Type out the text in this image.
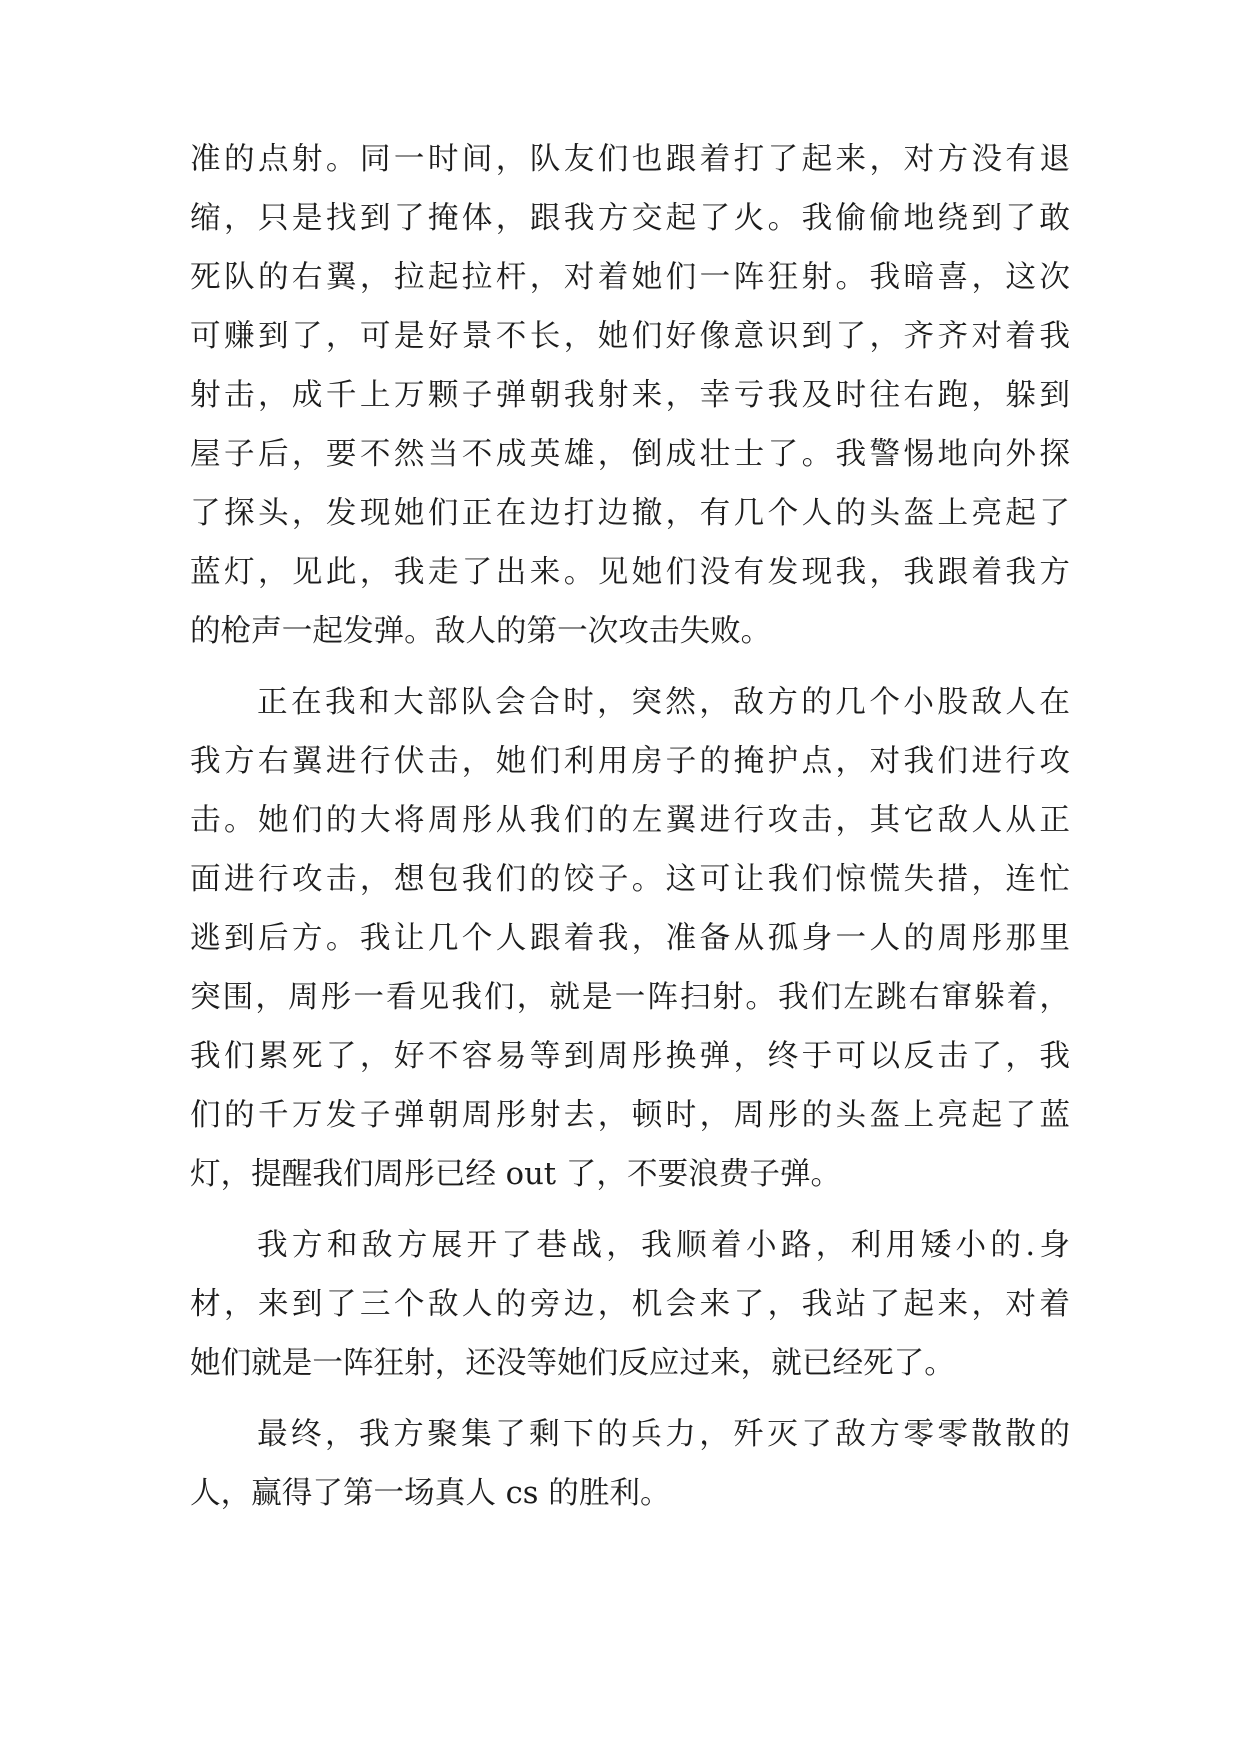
准的点射。同一时间，队友们也跟着打了起来，对方没有退
缩，只是找到了掩体，跟我方交起了火。我偷偷地绕到了敢
死队的右翼，拉起拉杆，对着她们一阵狂射。我暗喜，这次
可赚到了，可是好景不长，她们好像意识到了，齐齐对着我
射击，成千上万颗子弹朝我射来，幸亏我及时往右跑，躲到
屋子后，要不然当不成英雄，倒成壮士了。我警惕地向外探
了探头，发现她们正在边打边撤，有几个人的头盔上亮起了
蓝灯，见此，我走了出来。见她们没有发现我，我跟着我方
的枪声一起发弹。敌人的第一次攻击失败。
正在我和大部队会合时，突然，敌方的几个小股敌人在
我方右翼进行伏击，她们利用房子的掩护点，对我们进行攻
击。她们的大将周彤从我们的左翼进行攻击，其它敌人从正
面进行攻击，想包我们的饺子。这可让我们惊慌失措，连忙
逃到后方。我让几个人跟着我，准备从孤身一人的周彤那里
突围，周彤一看见我们，就是一阵扫射。我们左跳右窜躲着，
我们累死了，好不容易等到周彤换弹，终于可以反击了，我
们的千万发子弹朝周彤射去，顿时，周彤的头盔上亮起了蓝
灯，提醒我们周彤已经 out 了，不要浪费子弹。
我方和敌方展开了巷战，我顺着小路，利用矮小的.身
材，来到了三个敌人的旁边，机会来了，我站了起来，对着
她们就是一阵狂射，还没等她们反应过来，就已经死了。
最终，我方聚集了剩下的兵力，歼灭了敌方零零散散的
人，赢得了第一场真人 cs 的胜利。
